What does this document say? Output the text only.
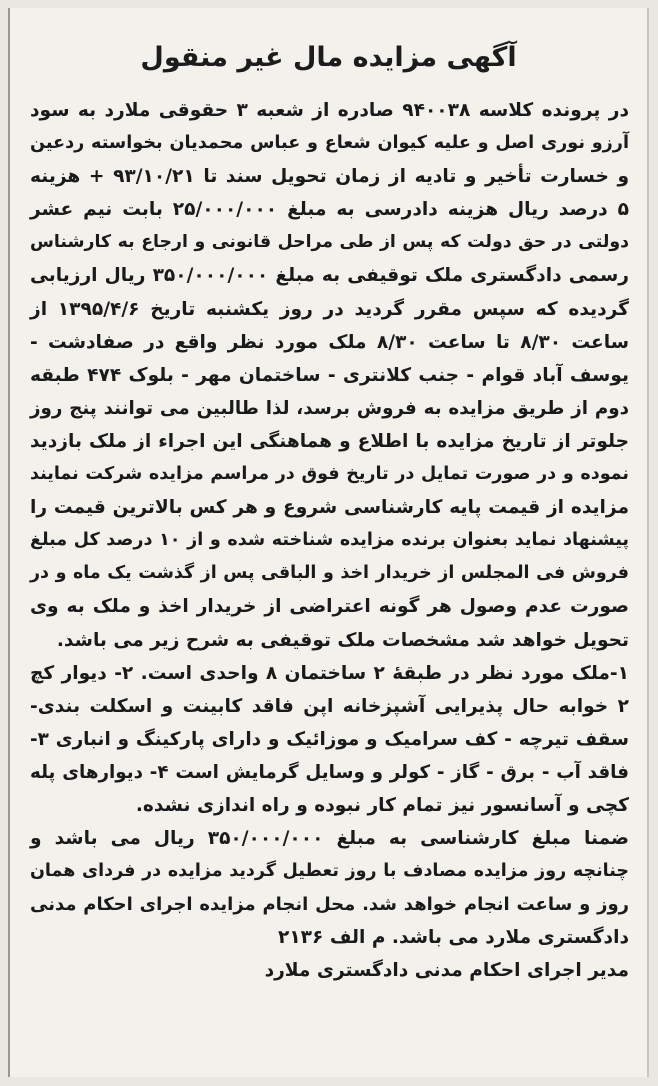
آگهی مزایده مال غیر منقول
در پرونده کلاسه ۹۴۰۰۳۸ صادره از شعبه ۳ حقوقی ملارد به سود
آرزو نوری اصل و علیه کیوان شعاع و عباس محمدیان بخواسته ردعین
و خسارت تأخیر و تادیه از زمان تحویل سند تا ۹۳/۱۰/۲۱ + هزینه
۵ درصد ریال هزینه دادرسی به مبلغ ۲۵/۰۰۰/۰۰۰ بابت نیم عشر
دولتی در حق دولت که پس از طی مراحل قانونی و ارجاع به کارشناس
رسمی دادگستری ملک توقیفی به مبلغ ۳۵۰/۰۰۰/۰۰۰ ریال ارزیابی
گردیده که سپس مقرر گردید در روز یکشنبه تاریخ ۱۳۹۵/۴/۶ از
ساعت ۸/۳۰ تا ساعت ۸/۳۰ ملک مورد نظر واقع در صفادشت -
یوسف آباد قوام - جنب کلانتری - ساختمان مهر - بلوک ۴۷۴ طبقه
دوم از طریق مزایده به فروش برسد، لذا طالبین می توانند پنج روز
جلوتر از تاریخ مزایده با اطلاع و هماهنگی این اجراء از ملک بازدید
نموده و در صورت تمایل در تاریخ فوق در مراسم مزایده شرکت نمایند
مزایده از قیمت پایه کارشناسی شروع و هر کس بالاترین قیمت را
پیشنهاد نماید بعنوان برنده مزایده شناخته شده و از ۱۰ درصد کل مبلغ
فروش فی المجلس از خریدار اخذ و الباقی پس از گذشت یک ماه و در
صورت عدم وصول هر گونه اعتراضی از خریدار اخذ و ملک به وی
تحویل خواهد شد مشخصات ملک توقیفی به شرح زیر می باشد.
۱-ملک مورد نظر در طبقهٔ ۲ ساختمان ۸ واحدی است. ۲- دیوار کچ
۲ خوابه حال پذیرایی آشپزخانه اپن فاقد کابینت و اسکلت بندی-
سقف تیرچه - کف سرامیک و موزائیک و دارای پارکینگ و انباری ۳-
فاقد آب - برق - گاز - کولر و وسایل گرمایش است ۴- دیوارهای پله
کچی و آسانسور نیز تمام کار نبوده و راه اندازی نشده.
ضمنا مبلغ کارشناسی به مبلغ ۳۵۰/۰۰۰/۰۰۰ ریال می باشد و
چنانچه روز مزایده مصادف با روز تعطیل گردید مزایده در فردای همان
روز و ساعت انجام خواهد شد. محل انجام مزایده اجرای احکام مدنی
دادگستری ملارد می باشد. م الف ۲۱۳۶
مدیر اجرای احکام مدنی دادگستری ملارد
